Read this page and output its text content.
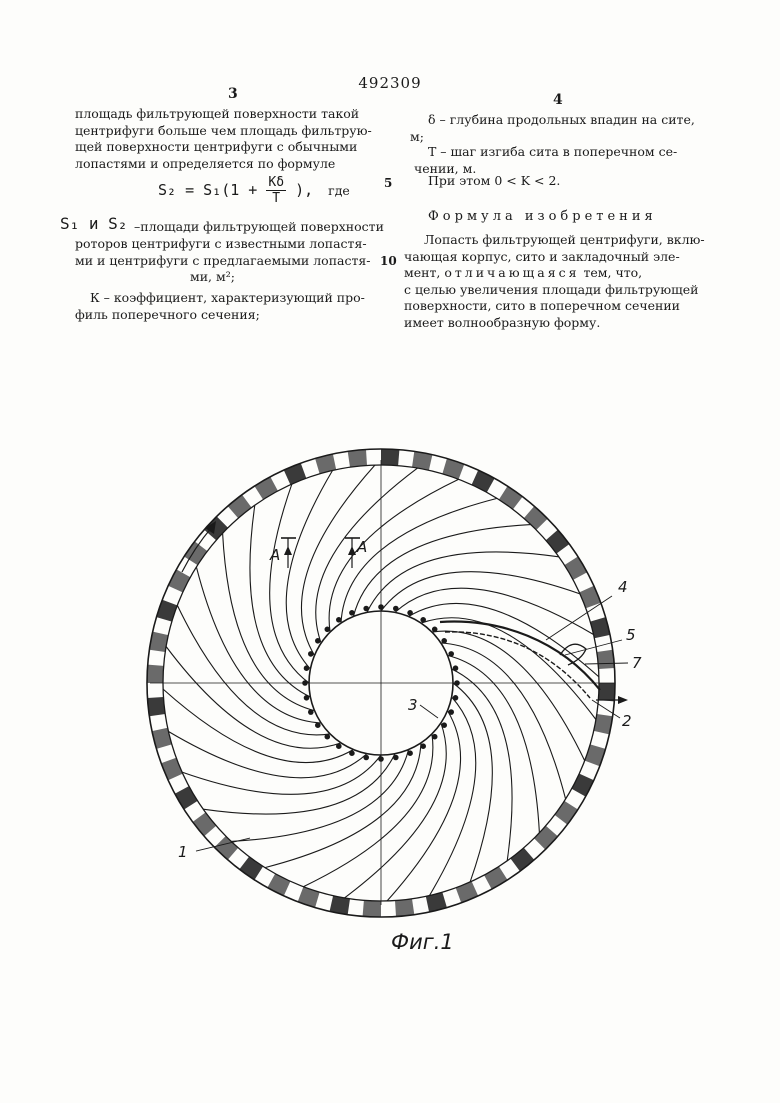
492309
3	4
площадь фильтрующей поверхности такой
центрифуги больше чем площадь фильтрую-
щей поверхности центрифуги с обычными
лопастями и определяется по формуле
$S_2 = S_1(1 + \frac{K\delta}{T}$ ), где
S₁ и S₂ –площади фильтрующей поверхности
роторов центрифуги с известными лопастя-
ми и центрифуги с предлагаемыми лопастя-
ми, м²;
К – коэффициент, характеризующий про-
филь поперечного сечения;
5
10
δ – глубина продольных впадин на сите,
м;
Т – шаг изгиба сита в поперечном се-
чении, м.
При этом 0 < K < 2.
Формула изобретения
Лопасть фильтрующей центрифуги, вклю-
чающая корпус, сито и закладочный эле-
мент, отличающаяся тем, что,
с целью увеличения площади фильтрующей
поверхности, сито в поперечном сечении
имеет волнообразную форму.
A	A
4
5
7
2
3
1
Фиг.1
